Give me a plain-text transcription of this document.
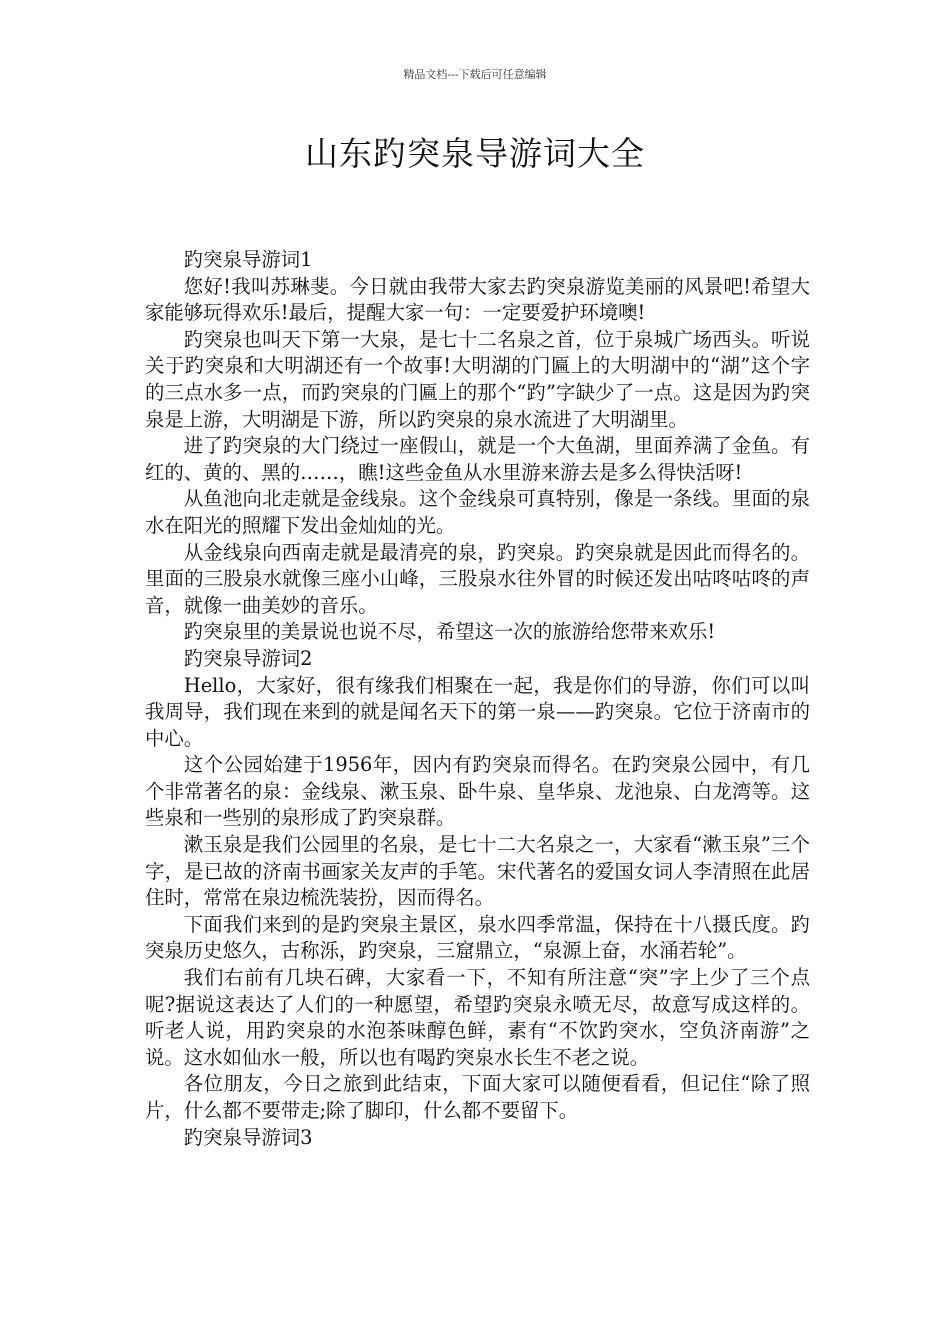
精品文档---下载后可任意编辑
山东趵突泉导游词大全

趵突泉导游词1

您好!我叫苏琳斐。今日就由我带大家去趵突泉游览美丽的风景吧!希望大家能够玩得欢乐!最后，提醒大家一句：一定要爱护环境噢!

趵突泉也叫天下第一大泉，是七十二名泉之首，位于泉城广场西头。听说关于趵突泉和大明湖还有一个故事!大明湖的门匾上的大明湖中的“湖”这个字的三点水多一点，而趵突泉的门匾上的那个“趵”字缺少了一点。这是因为趵突泉是上游，大明湖是下游，所以趵突泉的泉水流进了大明湖里。

进了趵突泉的大门绕过一座假山，就是一个大鱼湖，里面养满了金鱼。有红的、黄的、黑的……，瞧!这些金鱼从水里游来游去是多么得快活呀!

从鱼池向北走就是金线泉。这个金线泉可真特别，像是一条线。里面的泉水在阳光的照耀下发出金灿灿的光。

从金线泉向西南走就是最清亮的泉，趵突泉。趵突泉就是因此而得名的。里面的三股泉水就像三座小山峰，三股泉水往外冒的时候还发出咕咚咕咚的声音，就像一曲美妙的音乐。

趵突泉里的美景说也说不尽，希望这一次的旅游给您带来欢乐!

趵突泉导游词2

Hello，大家好，很有缘我们相聚在一起，我是你们的导游，你们可以叫我周导，我们现在来到的就是闻名天下的第一泉——趵突泉。它位于济南市的中心。

这个公园始建于1956年，因内有趵突泉而得名。在趵突泉公园中，有几个非常著名的泉：金线泉、漱玉泉、卧牛泉、皇华泉、龙池泉、白龙湾等。这些泉和一些别的泉形成了趵突泉群。

漱玉泉是我们公园里的名泉，是七十二大名泉之一，大家看“漱玉泉”三个字，是已故的济南书画家关友声的手笔。宋代著名的爱国女词人李清照在此居住时，常常在泉边梳洗装扮，因而得名。

下面我们来到的是趵突泉主景区，泉水四季常温，保持在十八摄氏度。趵突泉历史悠久，古称泺，趵突泉，三窟鼎立，“泉源上奋，水涌若轮”。

我们右前有几块石碑，大家看一下，不知有所注意“突”字上少了三个点呢?据说这表达了人们的一种愿望，希望趵突泉永喷无尽，故意写成这样的。听老人说，用趵突泉的水泡茶味醇色鲜，素有“不饮趵突水，空负济南游”之说。这水如仙水一般，所以也有喝趵突泉水长生不老之说。

各位朋友，今日之旅到此结束，下面大家可以随便看看，但记住“除了照片，什么都不要带走;除了脚印，什么都不要留下。

趵突泉导游词3
